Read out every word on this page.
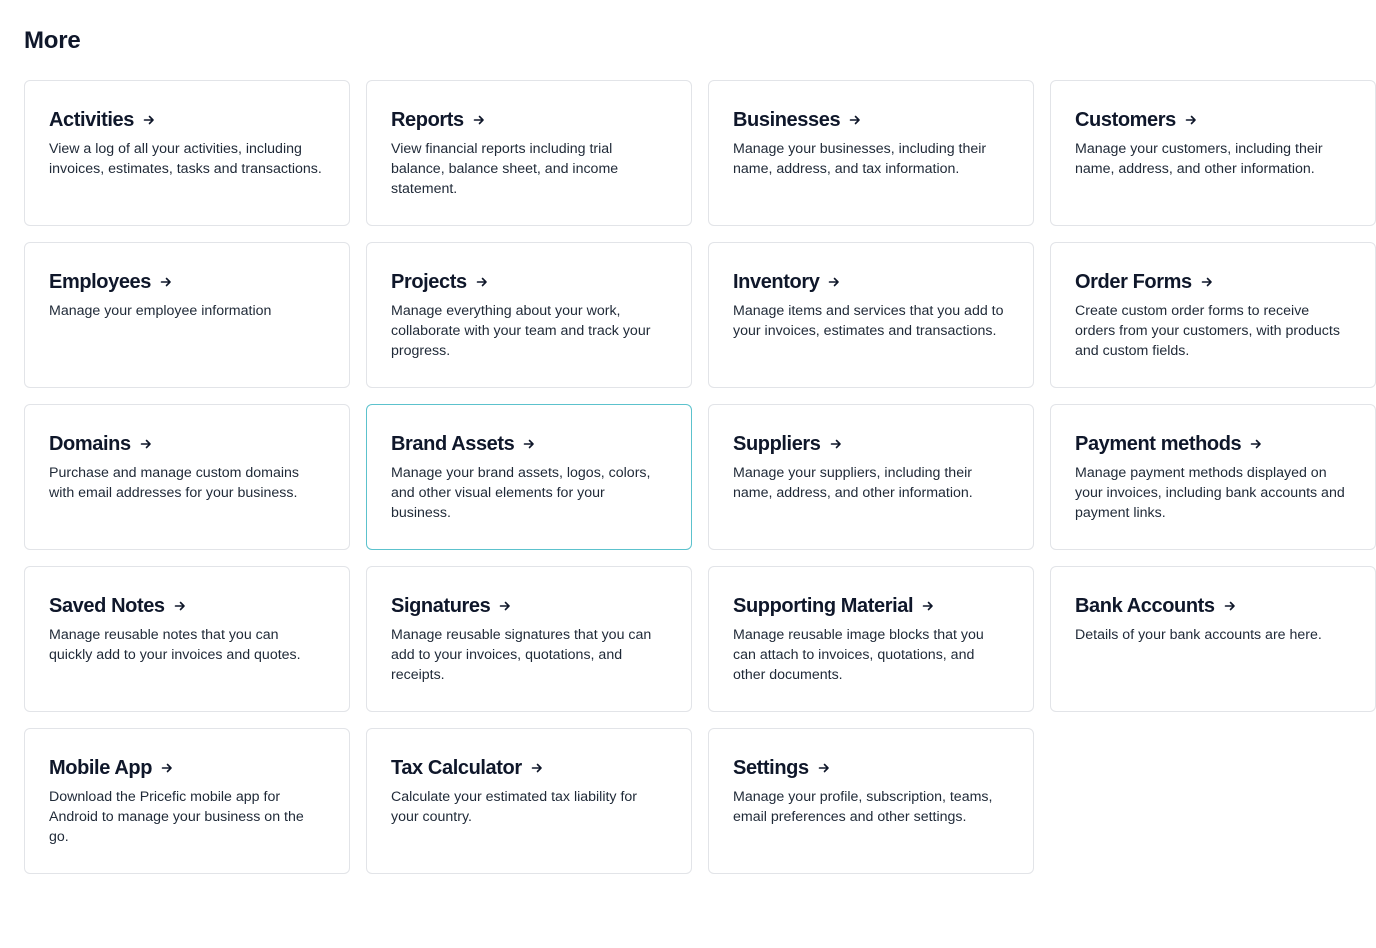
More
Activities
View a log of all your activities, including invoices, estimates, tasks and transactions.
Reports
View financial reports including trial balance, balance sheet, and income statement.
Businesses
Manage your businesses, including their name, address, and tax information.
Customers
Manage your customers, including their name, address, and other information.
Employees
Manage your employee information
Projects
Manage everything about your work, collaborate with your team and track your progress.
Inventory
Manage items and services that you add to your invoices, estimates and transactions.
Order Forms
Create custom order forms to receive orders from your customers, with products and custom fields.
Domains
Purchase and manage custom domains with email addresses for your business.
Brand Assets
Manage your brand assets, logos, colors, and other visual elements for your business.
Suppliers
Manage your suppliers, including their name, address, and other information.
Payment methods
Manage payment methods displayed on your invoices, including bank accounts and payment links.
Saved Notes
Manage reusable notes that you can quickly add to your invoices and quotes.
Signatures
Manage reusable signatures that you can add to your invoices, quotations, and receipts.
Supporting Material
Manage reusable image blocks that you can attach to invoices, quotations, and other documents.
Bank Accounts
Details of your bank accounts are here.
Mobile App
Download the Pricefic mobile app for Android to manage your business on the go.
Tax Calculator
Calculate your estimated tax liability for your country.
Settings
Manage your profile, subscription, teams, email preferences and other settings.
